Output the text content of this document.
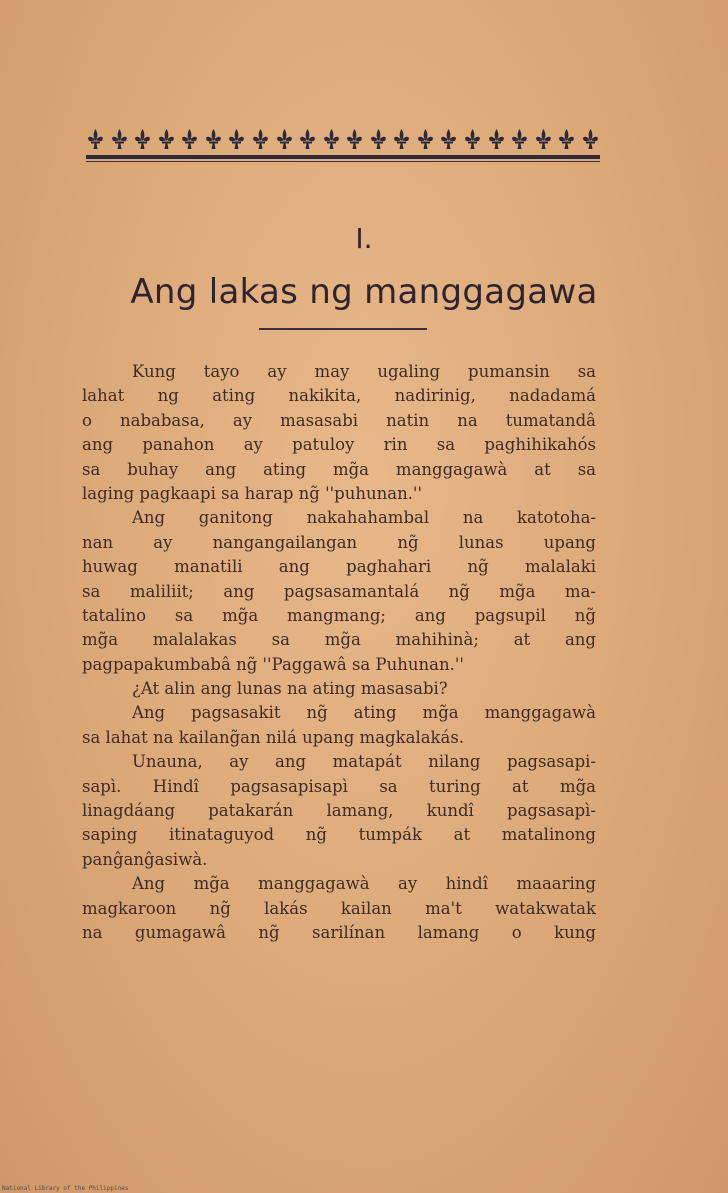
I.
Ang lakas ng manggagawa
Kung tayo ay may ugaling pumansin sa
lahat ng ating nakikita, nadirinig, nadadamá
o nababasa, ay masasabi natin na tumatandâ
ang panahon ay patuloy rin sa paghihikahós
sa buhay ang ating mg̃a manggagawà at sa
laging pagkaapi sa harap ng̃ ''puhunan.''
Ang ganitong nakahahambal na katotoha-
nan ay nangangailangan ng̃ lunas upang
huwag manatili ang paghahari ng̃ malalaki
sa maliliit; ang pagsasamantalá ng̃ mg̃a ma-
tatalino sa mg̃a mangmang; ang pagsupil ng̃
mg̃a malalakas sa mg̃a mahihinà; at ang
pagpapakumbabâ ng̃ ''Paggawâ sa Puhunan.''
¿At alin ang lunas na ating masasabi?
Ang pagsasakit ng̃ ating mg̃a manggagawà
sa lahat na kailang̃an nilá upang magkalakás.
Unauna, ay ang matapát nilang pagsasapi-
sapì. Hindî pagsasapisapì sa turing at mg̃a
linagdáang patakarán lamang, kundî pagsasapì-
saping itinataguyod ng̃ tumpák at matalinong
panĝanĝasiwà.
Ang mg̃a manggagawà ay hindî maaaring
magkaroon ng̃ lakás kailan ma't watakwatak
na gumagawâ ng̃ sarilínan lamang o kung
National Library of the Philippines
